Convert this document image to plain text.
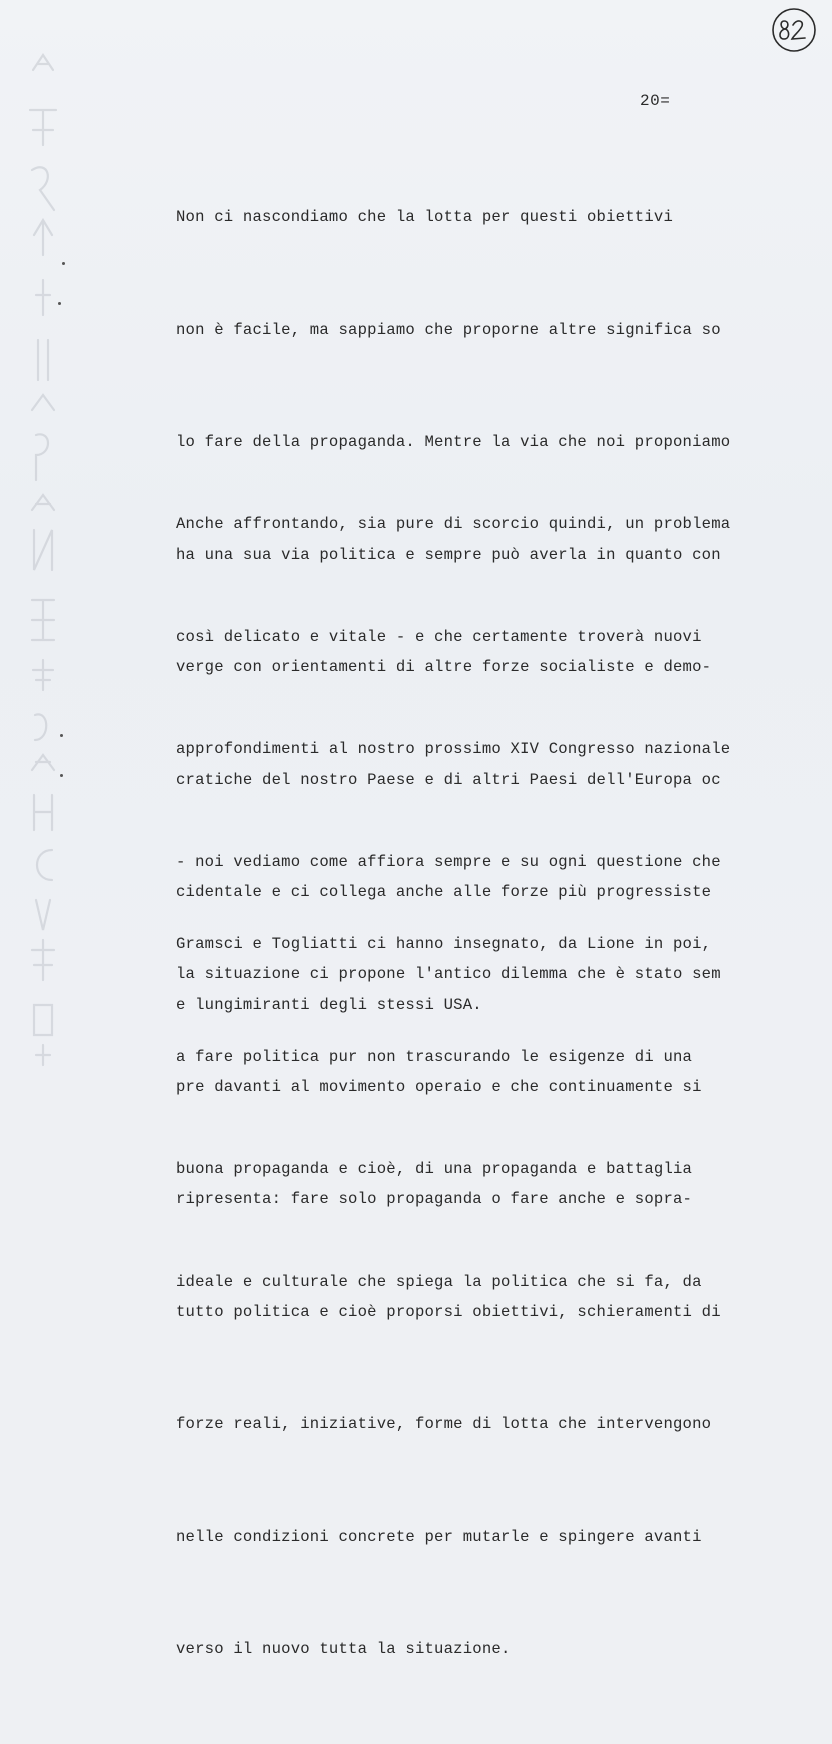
20=

Non ci nascondiamo che la lotta per questi obiettivi

non è facile, ma sappiamo che proporne altre significa so

lo fare della propaganda. Mentre la via che noi proponiamo

ha una sua via politica e sempre può averla in quanto con

verge con orientamenti di altre forze socialiste e demo-

cratiche del nostro Paese e di altri Paesi dell'Europa oc

cidentale e ci collega anche alle forze più progressiste

e lungimiranti degli stessi USA.

Anche affrontando, sia pure di scorcio quindi, un problema

così delicato e vitale - e che certamente troverà nuovi

approfondimenti al nostro prossimo XIV Congresso nazionale

- noi vediamo come affiora sempre e su ogni questione che

la situazione ci propone l'antico dilemma che è stato sem

pre davanti al movimento operaio e che continuamente si

ripresenta: fare solo propaganda o fare anche e sopra-

tutto politica e cioè proporsi obiettivi, schieramenti di

forze reali, iniziative, forme di lotta che intervengono

nelle condizioni concrete per mutarle e spingere avanti

verso il nuovo tutta la situazione.

Gramsci e Togliatti ci hanno insegnato, da Lione in poi,

a fare politica pur non trascurando le esigenze di una

buona propaganda e cioè, di una propaganda e battaglia

ideale e culturale che spiega la politica che si fa, da
